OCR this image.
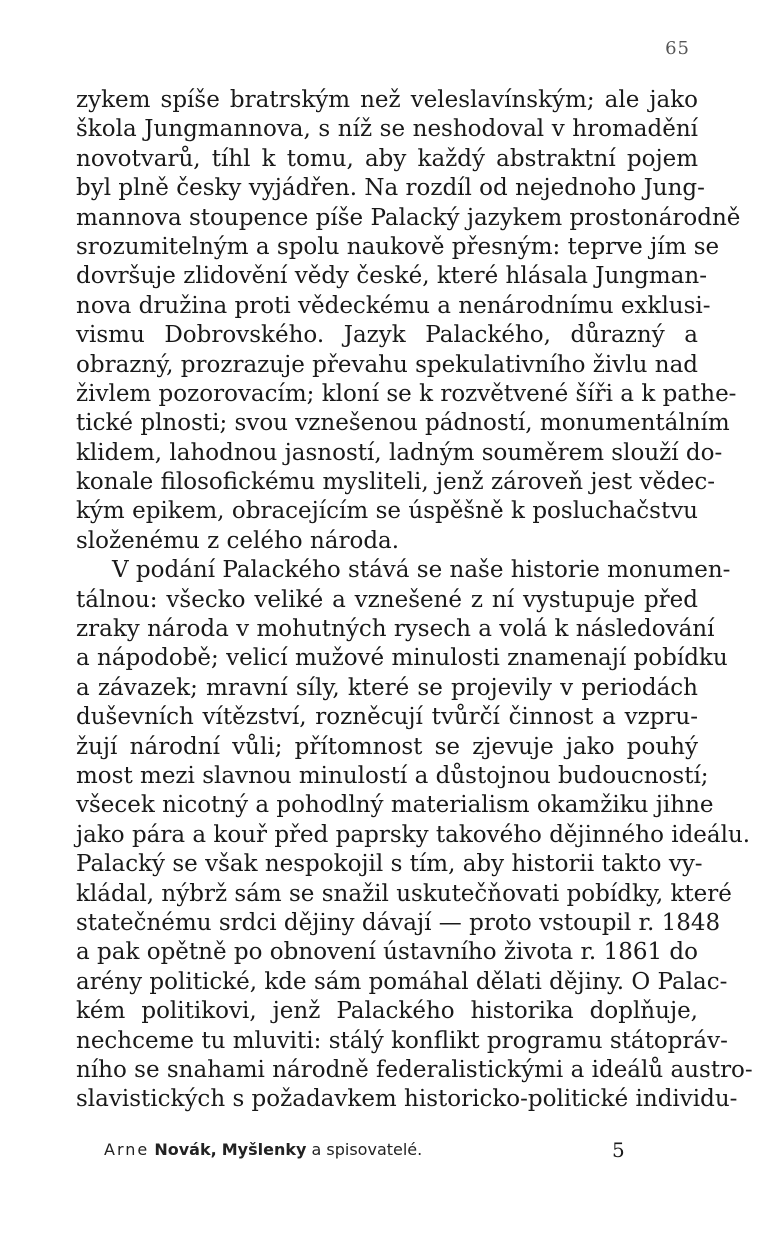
65
zykem spíše bratrským než veleslavínským; ale jako
škola Jungmannova, s níž se neshodoval v hromadění
novotvarů, tíhl k tomu, aby každý abstraktní pojem
byl plně česky vyjádřen. Na rozdíl od nejednoho Jung-
mannova stoupence píše Palacký jazykem prostonárodně
srozumitelným a spolu naukově přesným: teprve jím se
dovršuje zlidovění vědy české, které hlásala Jungman-
nova družina proti vědeckému a nenárodnímu exklusi-
vismu Dobrovského. Jazyk Palackého, důrazný a
obrazný, prozrazuje převahu spekulativního živlu nad
živlem pozorovacím; kloní se k rozvětvené šíři a k pathe-
tické plnosti; svou vznešenou pádností, monumentálním
klidem, lahodnou jasností, ladným souměrem slouží do-
konale filosofickému mysliteli, jenž zároveň jest vědec-
kým epikem, obracejícím se úspěšně k posluchačstvu
složenému z celého národa.
V podání Palackého stává se naše historie monumen-
tálnou: všecko veliké a vznešené z ní vystupuje před
zraky národa v mohutných rysech a volá k následování
a nápodobě; velicí mužové minulosti znamenají pobídku
a závazek; mravní síly, které se projevily v periodách
duševních vítězství, rozněcují tvůrčí činnost a vzpru-
žují národní vůli; přítomnost se zjevuje jako pouhý
most mezi slavnou minulostí a důstojnou budoucností;
všecek nicotný a pohodlný materialism okamžiku jihne
jako pára a kouř před paprsky takového dějinného ideálu.
Palacký se však nespokojil s tím, aby historii takto vy-
kládal, nýbrž sám se snažil uskutečňovati pobídky, které
statečnému srdci dějiny dávají — proto vstoupil r. 1848
a pak opětně po obnovení ústavního života r. 1861 do
arény politické, kde sám pomáhal dělati dějiny. O Palac-
kém politikovi, jenž Palackého historika doplňuje,
nechceme tu mluviti: stálý konflikt programu státopráv-
ního se snahami národně federalistickými a ideálů austro-
slavistických s požadavkem historicko-politické individu-
Arne Novák, Myšlenky a spisovatelé.	5
